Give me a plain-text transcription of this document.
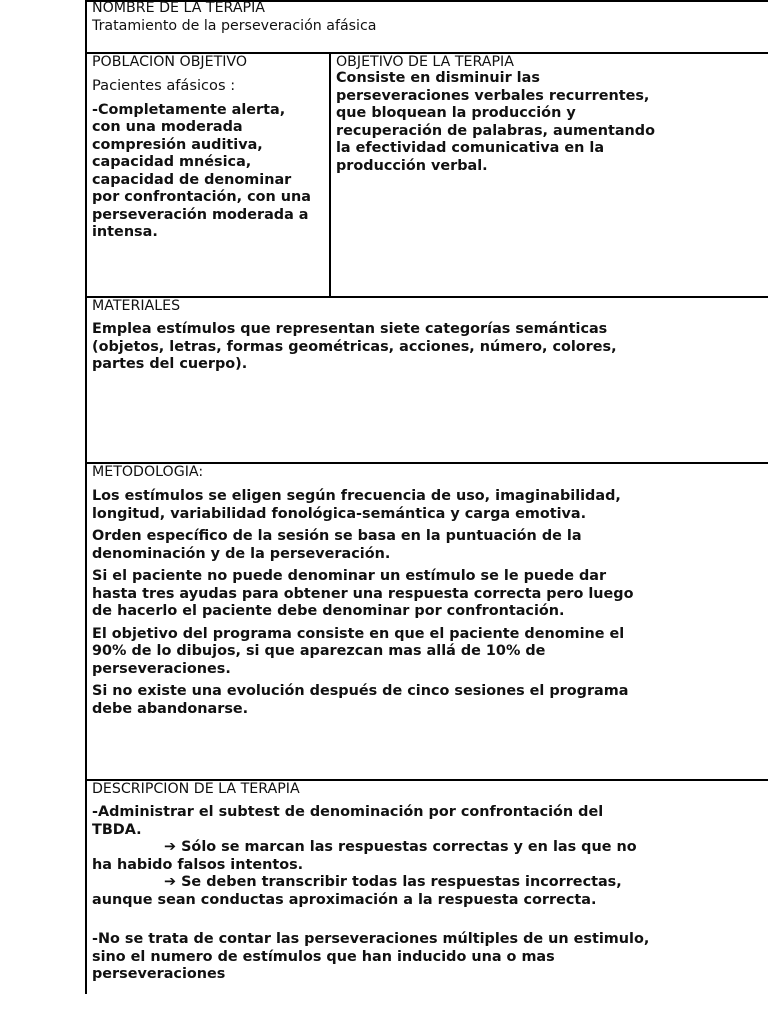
NOMBRE DE LA TERAPIA
Tratamiento de la perseveración afásica
POBLACION OBJETIVO
Pacientes afásicos :
-Completamente alerta,
con una moderada
compresión auditiva,
capacidad mnésica,
capacidad de denominar
por confrontación, con una
perseveración moderada a
intensa.
OBJETIVO DE LA TERAPIA
Consiste en disminuir las
perseveraciones verbales recurrentes,
que bloquean la producción y
recuperación de palabras, aumentando
la efectividad comunicativa en la
producción verbal.
MATERIALES
Emplea estímulos que representan siete categorías semánticas
(objetos, letras, formas geométricas, acciones, número, colores,
partes del cuerpo).
METODOLOGIA:
Los estímulos se eligen según frecuencia de uso, imaginabilidad,
longitud, variabilidad fonológica-semántica y carga emotiva.
Orden específico de la sesión se basa en la puntuación de la
denominación y de la perseveración.
Si el paciente no puede denominar un estímulo se le puede dar
hasta tres ayudas para obtener una respuesta correcta pero luego
de hacerlo el paciente debe denominar por confrontación.
El objetivo del programa consiste en que el paciente denomine el
90% de lo dibujos, si que aparezcan mas allá de 10% de
perseveraciones.
Si no existe una evolución después de cinco sesiones el programa
debe abandonarse.
DESCRIPCION DE LA TERAPIA
-Administrar el subtest de denominación por confrontación del
TBDA.
➔ Sólo se marcan las respuestas correctas y en las que no
ha habido falsos intentos.
➔ Se deben transcribir todas las respuestas incorrectas,
aunque sean conductas aproximación a la respuesta correcta.
-No se trata de contar las perseveraciones múltiples de un estimulo,
sino el numero de estímulos que han inducido una o mas
perseveraciones
